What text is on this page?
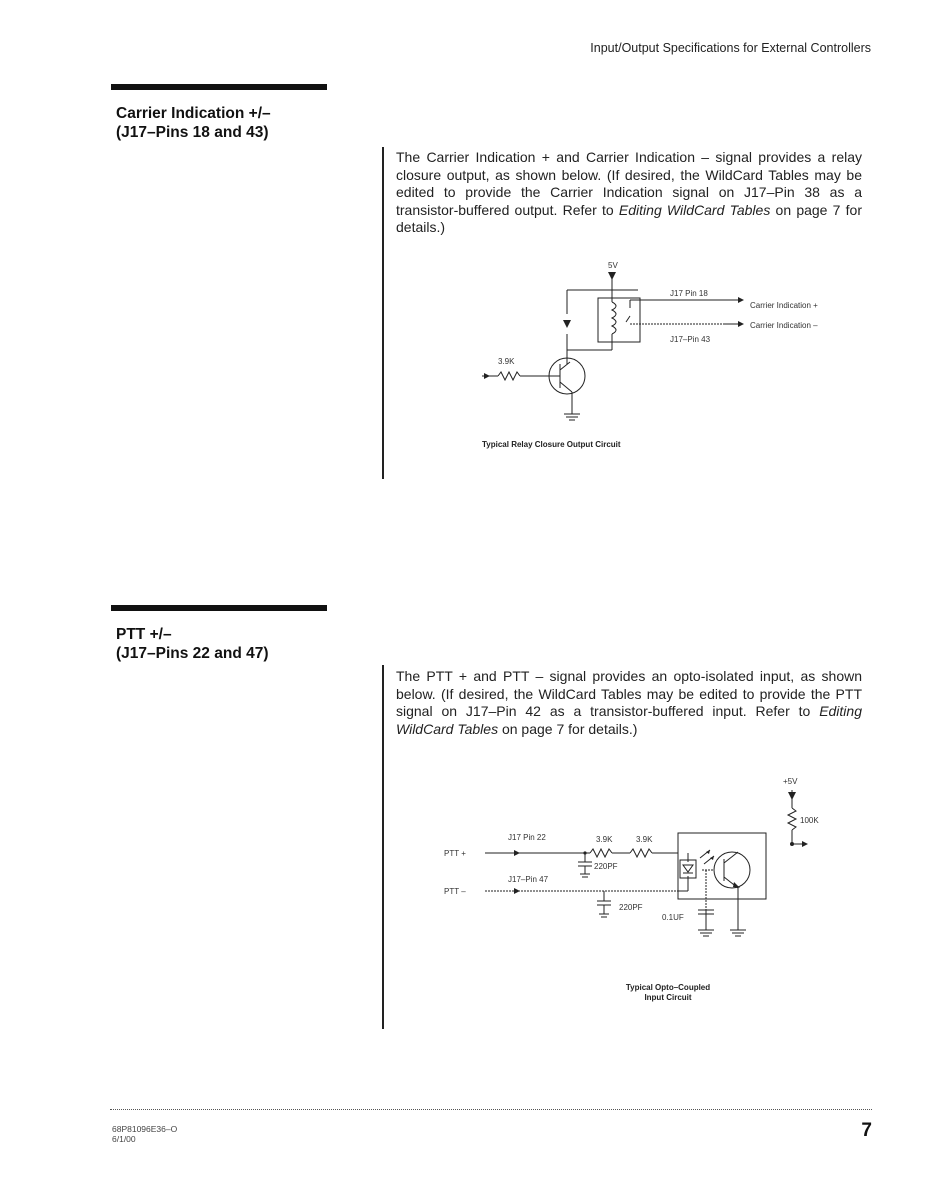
Input/Output Specifications for External Controllers
Carrier Indication +/–
(J17–Pins 18 and 43)
The Carrier Indication + and Carrier Indication – signal provides a relay closure output, as shown below. (If desired, the WildCard Tables may be edited to provide the Carrier Indication signal on J17–Pin 38 as a transistor-buffered output. Refer to Editing WildCard Tables on page 7 for details.)
5V
J17 Pin 18
Carrier Indication +
Carrier Indication –
J17–Pin 43
3.9K
Typical Relay Closure Output Circuit
PTT +/–
(J17–Pins 22 and 47)
The PTT + and PTT – signal provides an opto-isolated input, as shown below. (If desired, the WildCard Tables may be edited to provide the PTT signal on J17–Pin 42 as a transistor-buffered input. Refer to Editing WildCard Tables on page 7 for details.)
+5V
100K
J17 Pin 22	3.9K	3.9K
PTT +
220PF
J17–Pin 47
PTT –
220PF
0.1UF
Typical Opto–Coupled
Input Circuit
68P81096E36–O
6/1/00	7
